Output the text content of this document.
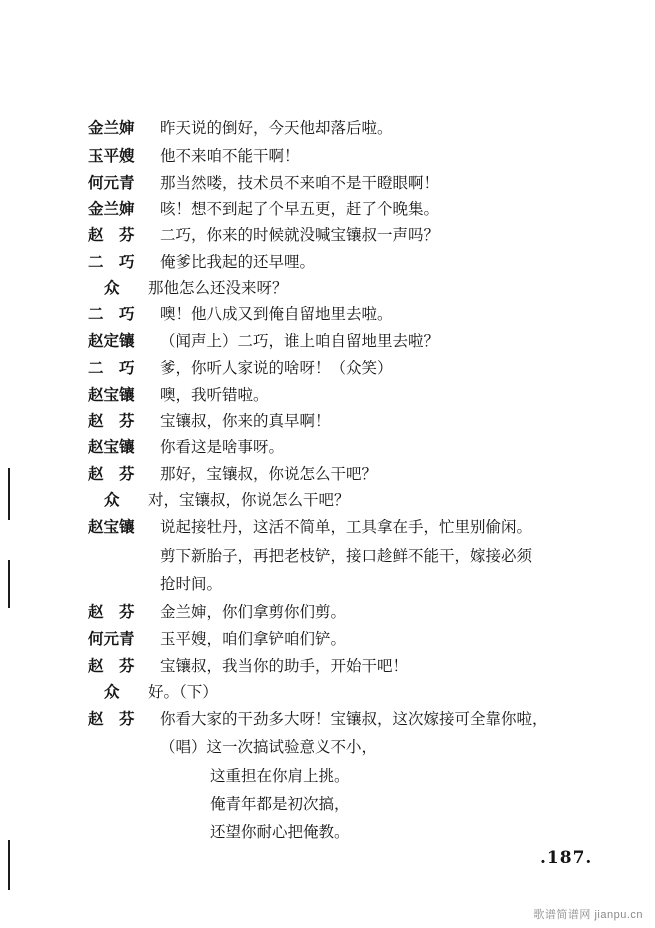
金兰婶	昨天说的倒好，今天他却落后啦。
玉平嫂	他不来咱不能干啊！
何元青	那当然喽，技术员不来咱不是干瞪眼啊！
金兰婶	咳！想不到起了个早五更，赶了个晚集。
赵　芬	二巧，你来的时候就没喊宝镶叔一声吗？
二　巧	俺爹比我起的还早哩。
众	那他怎么还没来呀？
二　巧	噢！他八成又到俺自留地里去啦。
赵定镶	（闻声上）二巧，谁上咱自留地里去啦？
二　巧	爹，你听人家说的啥呀！（众笑）
赵宝镶	噢，我听错啦。
赵　芬	宝镶叔，你来的真早啊！
赵宝镶	你看这是啥事呀。
赵　芬	那好，宝镶叔，你说怎么干吧？
众	对，宝镶叔，你说怎么干吧？
赵宝镶	说起接牡丹，这活不简单，工具拿在手，忙里别偷闲。
剪下新胎子，再把老枝铲，接口趁鲜不能干，嫁接必须
抢时间。
赵　芬	金兰婶，你们拿剪你们剪。
何元青	玉平嫂，咱们拿铲咱们铲。
赵　芬	宝镶叔，我当你的助手，开始干吧！
众	好。（下）
赵　芬	你看大家的干劲多大呀！宝镶叔，这次嫁接可全靠你啦，
（唱）这一次搞试验意义不小，
这重担在你肩上挑。
俺青年都是初次搞，
还望你耐心把俺教。
.187.
歌谱简谱网 jianpu.cn
